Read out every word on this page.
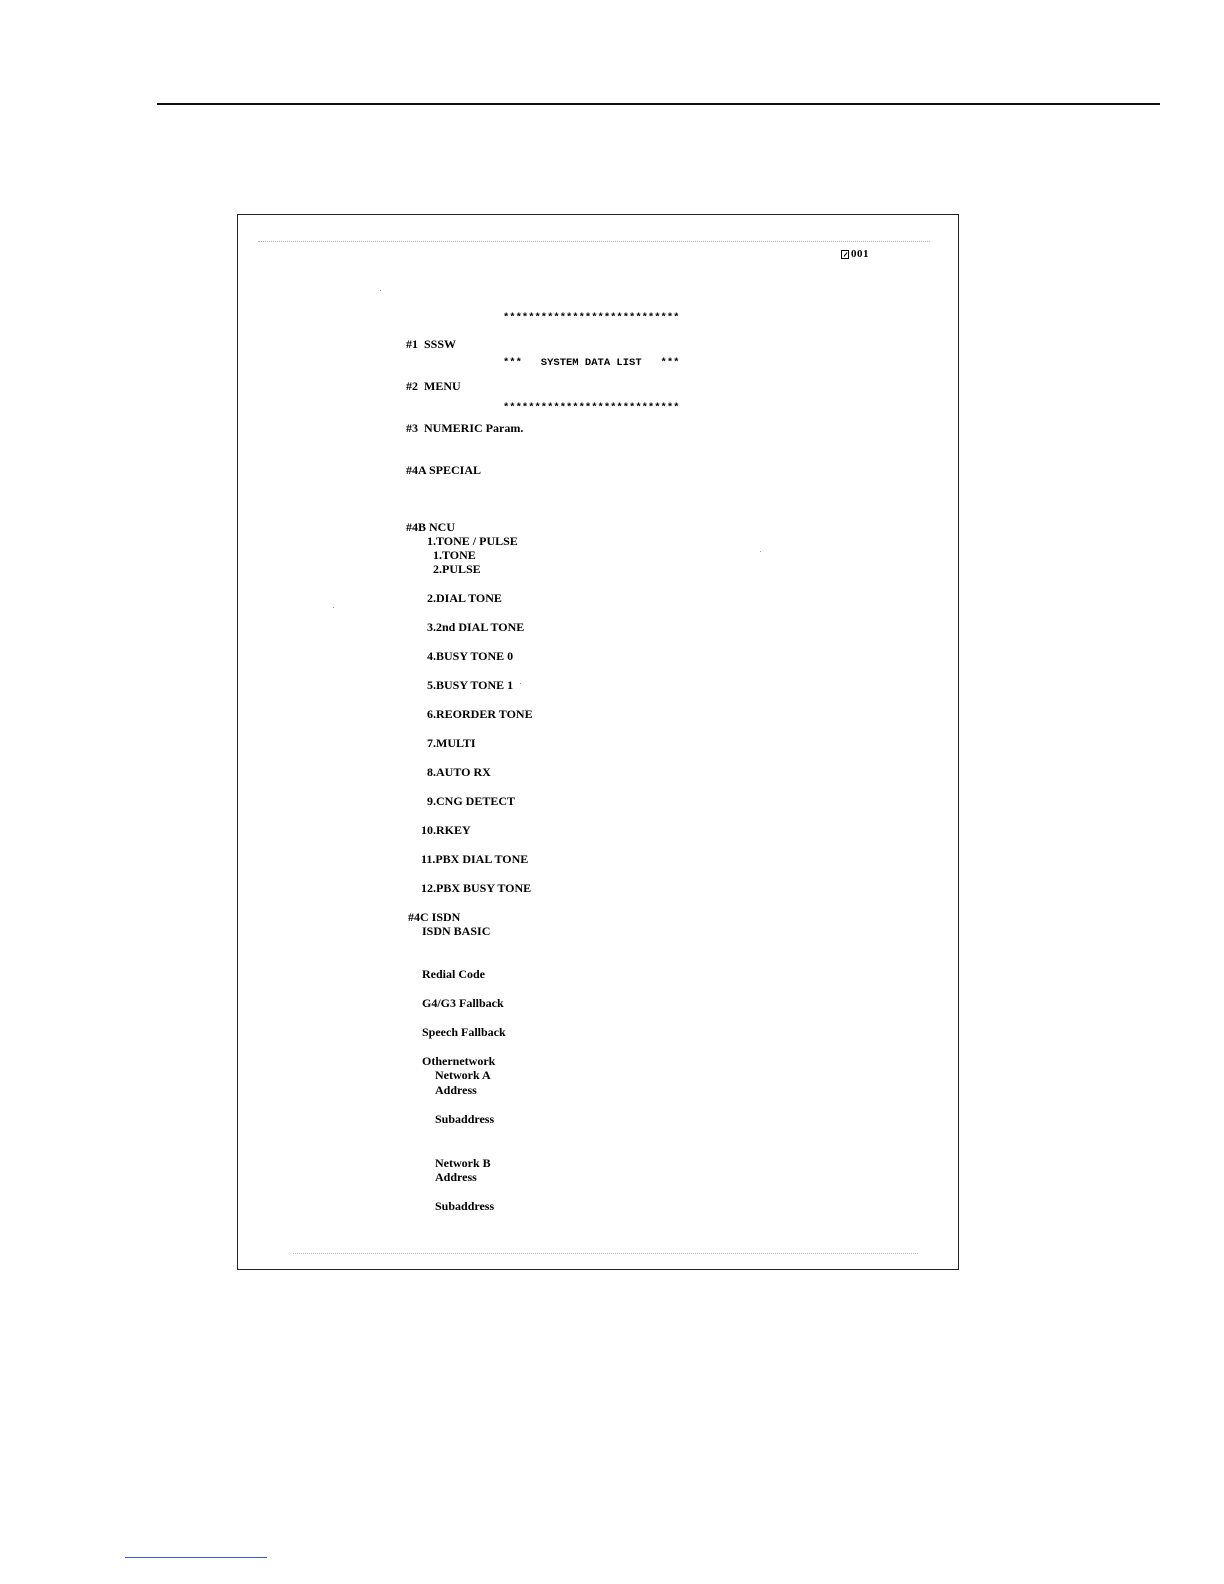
001

****************************

***   SYSTEM DATA LIST   ***

****************************

#1  SSSW
#2  MENU
#3  NUMERIC Param.
#4A SPECIAL
#4B NCU
1.TONE / PULSE
1.TONE
2.PULSE
2.DIAL TONE
3.2nd DIAL TONE
4.BUSY TONE 0
5.BUSY TONE 1
6.REORDER TONE
7.MULTI
8.AUTO RX
9.CNG DETECT
10.RKEY
11.PBX DIAL TONE
12.PBX BUSY TONE
#4C ISDN
ISDN BASIC
Redial Code
G4/G3 Fallback
Speech Fallback
Othernetwork
Network A
Address
Subaddress
Network B
Address
Subaddress
